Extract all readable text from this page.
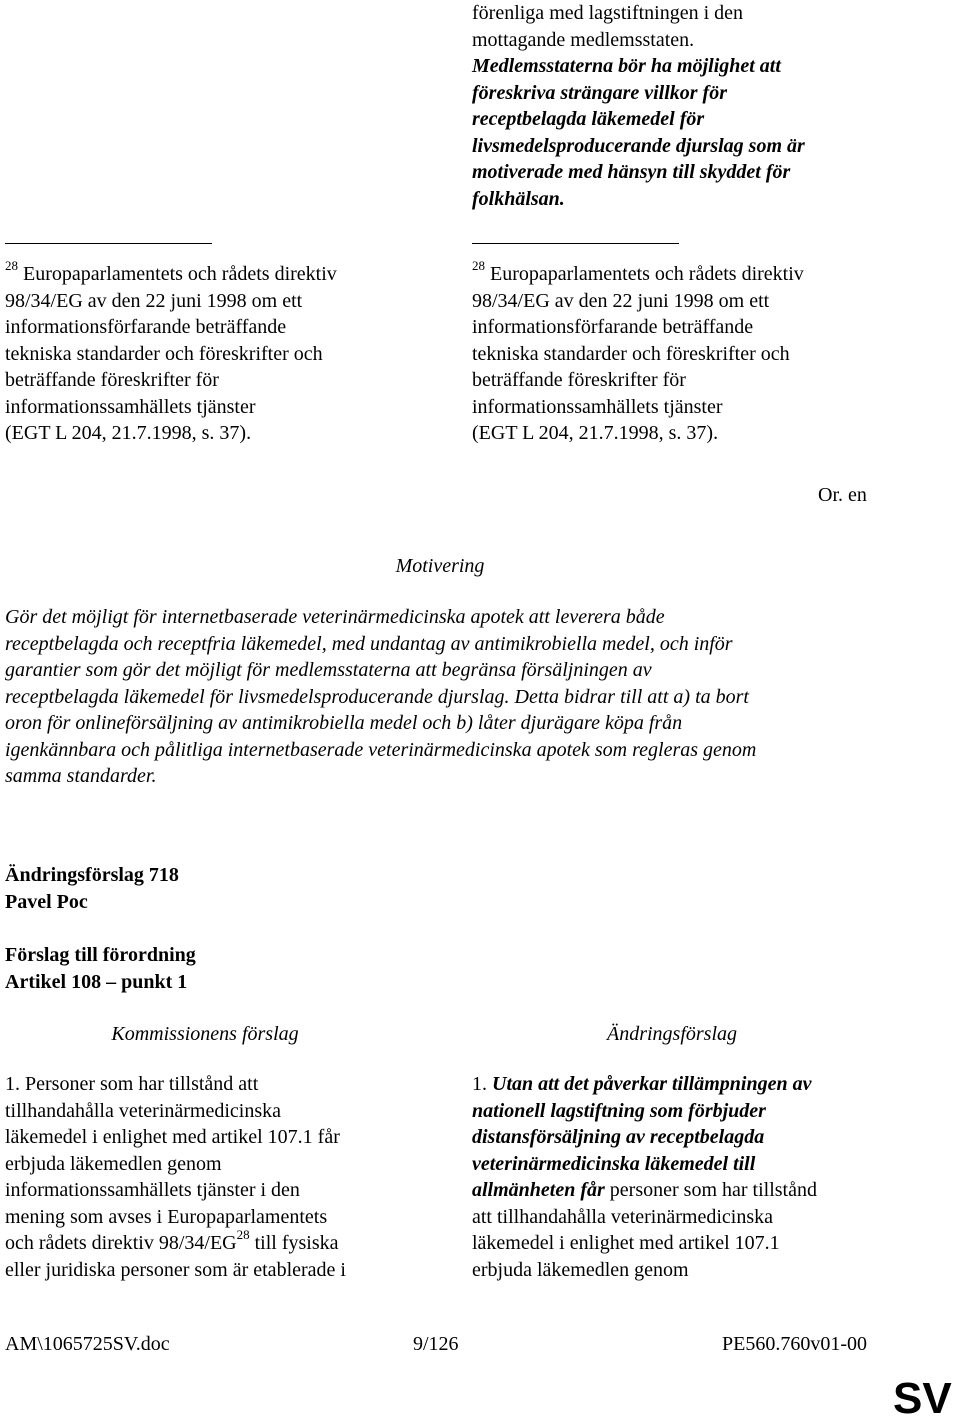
förenliga med lagstiftningen i den
mottagande medlemsstaten.
Medlemsstaterna bör ha möjlighet att
föreskriva strängare villkor för
receptbelagda läkemedel för
livsmedelsproducerande djurslag som är
motiverade med hänsyn till skyddet för
folkhälsan.
$^{28}$ Europaparlamentets och rådets direktiv
98/34/EG av den 22 juni 1998 om ett
informationsförfarande beträffande
tekniska standarder och föreskrifter och
beträffande föreskrifter för
informationssamhällets tjänster
(EGT L 204, 21.7.1998, s. 37).
$^{28}$ Europaparlamentets och rådets direktiv
98/34/EG av den 22 juni 1998 om ett
informationsförfarande beträffande
tekniska standarder och föreskrifter och
beträffande föreskrifter för
informationssamhällets tjänster
(EGT L 204, 21.7.1998, s. 37).
Or. en
Motivering
Gör det möjligt för internetbaserade veterinärmedicinska apotek att leverera både
receptbelagda och receptfria läkemedel, med undantag av antimikrobiella medel, och inför
garantier som gör det möjligt för medlemsstaterna att begränsa försäljningen av
receptbelagda läkemedel för livsmedelsproducerande djurslag. Detta bidrar till att a) ta bort
oron för onlineförsäljning av antimikrobiella medel och b) låter djurägare köpa från
igenkännbara och pålitliga internetbaserade veterinärmedicinska apotek som regleras genom
samma standarder.
Ändringsförslag 718
Pavel Poc
Förslag till förordning
Artikel 108 – punkt 1
Kommissionens förslag	Ändringsförslag
1. Personer som har tillstånd att
tillhandahålla veterinärmedicinska
läkemedel i enlighet med artikel 107.1 får
erbjuda läkemedlen genom
informationssamhällets tjänster i den
mening som avses i Europaparlamentets
och rådets direktiv 98/34/EG$^{28}$ till fysiska
eller juridiska personer som är etablerade i
1. Utan att det påverkar tillämpningen av
nationell lagstiftning som förbjuder
distansförsäljning av receptbelagda
veterinärmedicinska läkemedel till
allmänheten får personer som har tillstånd
att tillhandahålla veterinärmedicinska
läkemedel i enlighet med artikel 107.1
erbjuda läkemedlen genom
AM\1065725SV.doc	9/126	PE560.760v01-00
SV
